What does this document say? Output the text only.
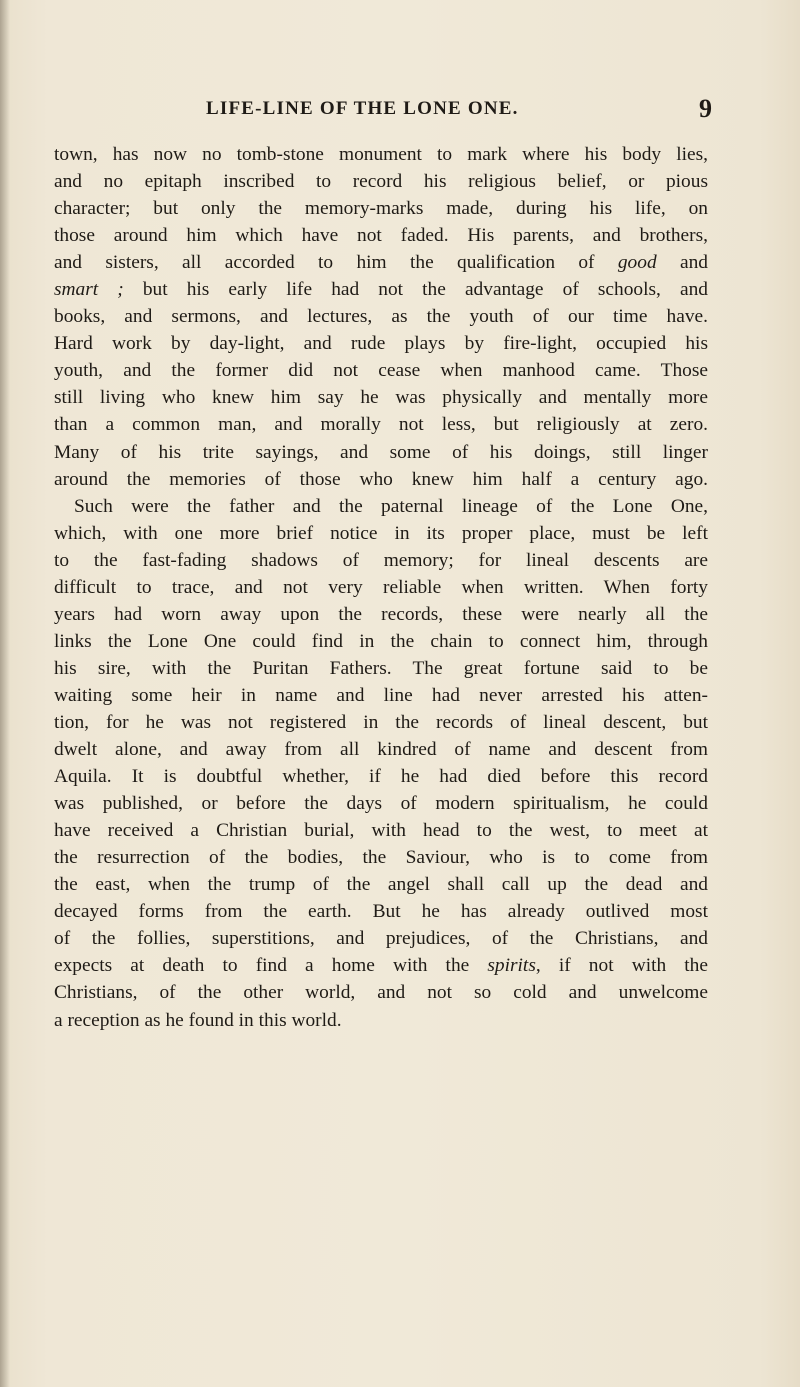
LIFE-LINE OF THE LONE ONE.	9
town, has now no tomb-stone monument to mark where his body lies,
and no epitaph inscribed to record his religious belief, or pious
character; but only the memory-marks made, during his life, on
those around him which have not faded. His parents, and brothers,
and sisters, all accorded to him the qualification of good and
smart ; but his early life had not the advantage of schools, and
books, and sermons, and lectures, as the youth of our time have.
Hard work by day-light, and rude plays by fire-light, occupied his
youth, and the former did not cease when manhood came. Those
still living who knew him say he was physically and mentally more
than a common man, and morally not less, but religiously at zero.
Many of his trite sayings, and some of his doings, still linger
around the memories of those who knew him half a century ago.
Such were the father and the paternal lineage of the Lone One,
which, with one more brief notice in its proper place, must be left
to the fast-fading shadows of memory; for lineal descents are
difficult to trace, and not very reliable when written. When forty
years had worn away upon the records, these were nearly all the
links the Lone One could find in the chain to connect him, through
his sire, with the Puritan Fathers. The great fortune said to be
waiting some heir in name and line had never arrested his atten-
tion, for he was not registered in the records of lineal descent, but
dwelt alone, and away from all kindred of name and descent from
Aquila. It is doubtful whether, if he had died before this record
was published, or before the days of modern spiritualism, he could
have received a Christian burial, with head to the west, to meet at
the resurrection of the bodies, the Saviour, who is to come from
the east, when the trump of the angel shall call up the dead and
decayed forms from the earth. But he has already outlived most
of the follies, superstitions, and prejudices, of the Christians, and
expects at death to find a home with the spirits, if not with the
Christians, of the other world, and not so cold and unwelcome
a reception as he found in this world.
